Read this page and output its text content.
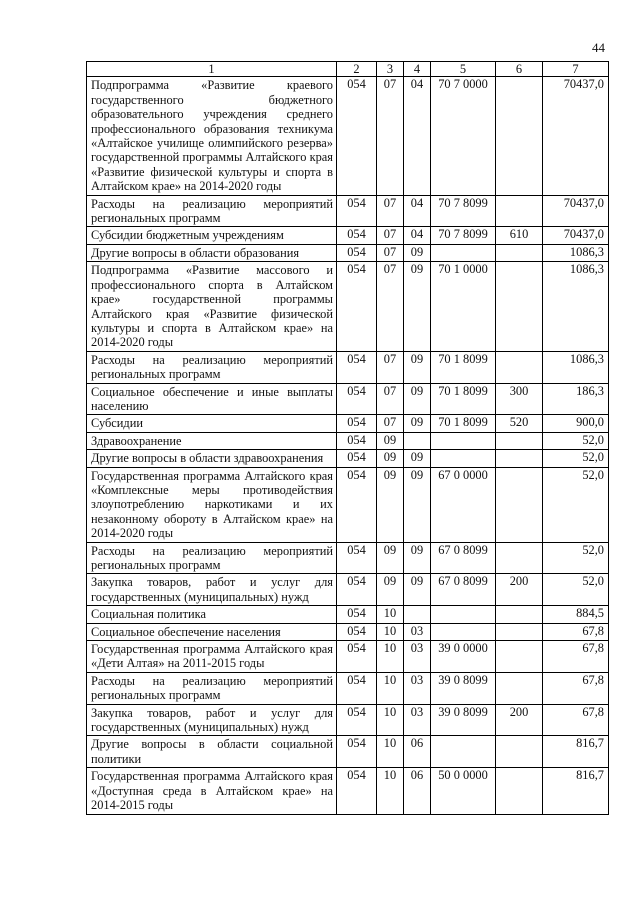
44
1	2	3	4	5	6	7
Подпрограмма «Развитие краевого государственного бюджетного образовательного учреждения среднего профессионального образования техникума «Алтайское училище олимпийского резерва» государственной программы Алтайского края «Развитие физической культуры и спорта в Алтайском крае» на 2014-2020 годы	054	07	04	70 7 0000		70437,0
Расходы на реализацию мероприятий региональных программ	054	07	04	70 7 8099		70437,0
Субсидии бюджетным учреждениям	054	07	04	70 7 8099	610	70437,0
Другие вопросы в области образования	054	07	09			1086,3
Подпрограмма «Развитие массового и профессионального спорта в Алтайском крае» государственной программы Алтайского края «Развитие физической культуры и спорта в Алтайском крае» на 2014-2020 годы	054	07	09	70 1 0000		1086,3
Расходы на реализацию мероприятий региональных программ	054	07	09	70 1 8099		1086,3
Социальное обеспечение и иные выплаты населению	054	07	09	70 1 8099	300	186,3
Субсидии	054	07	09	70 1 8099	520	900,0
Здравоохранение	054	09				52,0
Другие вопросы в области здравоохранения	054	09	09			52,0
Государственная программа Алтайского края «Комплексные меры противодействия злоупотреблению наркотиками и их незаконному обороту в Алтайском крае» на 2014-2020 годы	054	09	09	67 0 0000		52,0
Расходы на реализацию мероприятий региональных программ	054	09	09	67 0 8099		52,0
Закупка товаров, работ и услуг для государственных (муниципальных) нужд	054	09	09	67 0 8099	200	52,0
Социальная политика	054	10				884,5
Социальное обеспечение населения	054	10	03			67,8
Государственная программа Алтайского края «Дети Алтая» на 2011-2015 годы	054	10	03	39 0 0000		67,8
Расходы на реализацию мероприятий региональных программ	054	10	03	39 0 8099		67,8
Закупка товаров, работ и услуг для государственных (муниципальных) нужд	054	10	03	39 0 8099	200	67,8
Другие вопросы в области социальной политики	054	10	06			816,7
Государственная программа Алтайского края «Доступная среда в Алтайском крае» на 2014-2015 годы	054	10	06	50 0 0000		816,7
